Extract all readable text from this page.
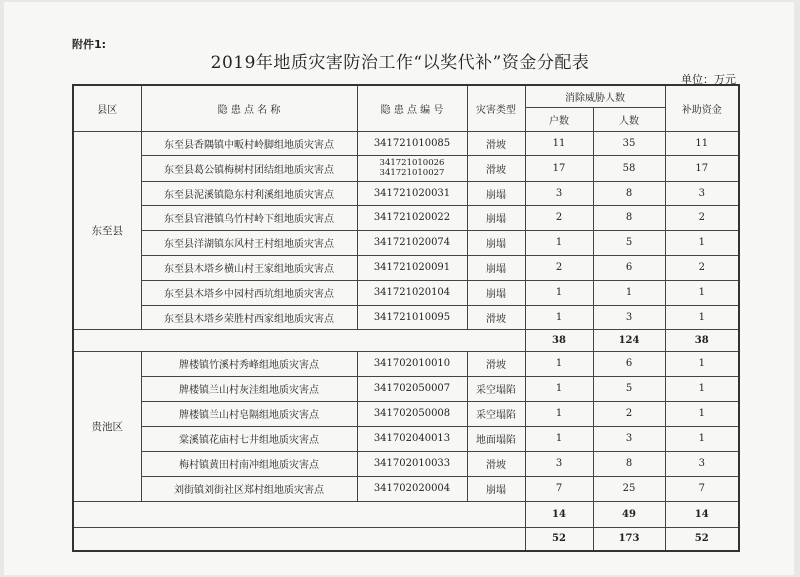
附件1:
2019年地质灾害防治工作“以奖代补”资金分配表
单位：万元
县区	隐 患 点 名 称	隐 患 点 编 号	灾害类型	消除威胁人数		补助资金
				户数	人数	
东至县	东至县香隅镇中畈村岭脚组地质灾害点	341721010085	滑坡	11	35	11
	东至县葛公镇梅树村团结组地质灾害点	341721010026
341721010027	滑坡	17	58	17
	东至县泥溪镇隐东村利溪组地质灾害点	341721020031	崩塌	3	8	3
	东至县官港镇乌竹村岭下组地质灾害点	341721020022	崩塌	2	8	2
	东至县洋湖镇东风村王村组地质灾害点	341721020074	崩塌	1	5	1
	东至县木塔乡横山村王家组地质灾害点	341721020091	崩塌	2	6	2
	东至县木塔乡中园村西坑组地质灾害点	341721020104	崩塌	1	1	1
	东至县木塔乡荣胜村西家组地质灾害点	341721010095	滑坡	1	3	1
				38	124	38
贵池区	牌楼镇竹溪村秀峰组地质灾害点	341702010010	滑坡	1	6	1
	牌楼镇兰山村灰洼组地质灾害点	341702050007	采空塌陷	1	5	1
	牌楼镇兰山村皂隔组地质灾害点	341702050008	采空塌陷	1	2	1
	棠溪镇花庙村七井组地质灾害点	341702040013	地面塌陷	1	3	1
	梅村镇黄田村南冲组地质灾害点	341702010033	滑坡	3	8	3
	刘街镇刘街社区郑村组地质灾害点	341702020004	崩塌	7	25	7
				14	49	14
				52	173	52
